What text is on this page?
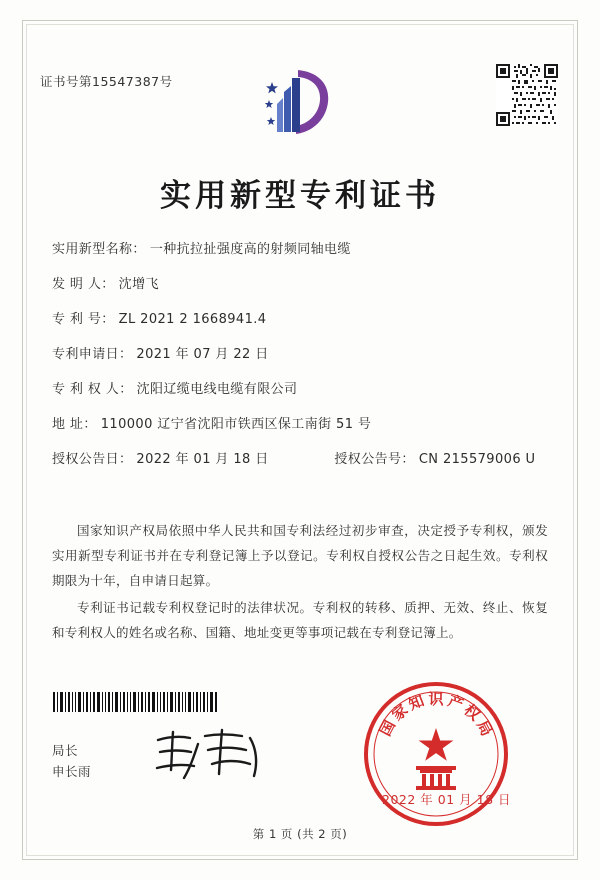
证书号第15547387号
实用新型专利证书
实用新型名称： 一种抗拉扯强度高的射频同轴电缆
发 明 人： 沈增飞
专 利 号： ZL 2021 2 1668941.4
专利申请日： 2021 年 07 月 22 日
专 利 权 人： 沈阳辽缆电线电缆有限公司
地 址： 110000 辽宁省沈阳市铁西区保工南街 51 号
授权公告日： 2022 年 01 月 18 日	授权公告号： CN 215579006 U

国家知识产权局依照中华人民共和国专利法经过初步审查，决定授予专利权，颁发实用新型专利证书并在专利登记簿上予以登记。专利权自授权公告之日起生效。专利权期限为十年，自申请日起算。

专利证书记载专利权登记时的法律状况。专利权的转移、质押、无效、终止、恢复和专利权人的姓名或名称、国籍、地址变更等事项记载在专利登记簿上。

国
家
知 识 产
权
局
局长
申长雨
2022 年 01 月 18 日
第 1 页 (共 2 页)
